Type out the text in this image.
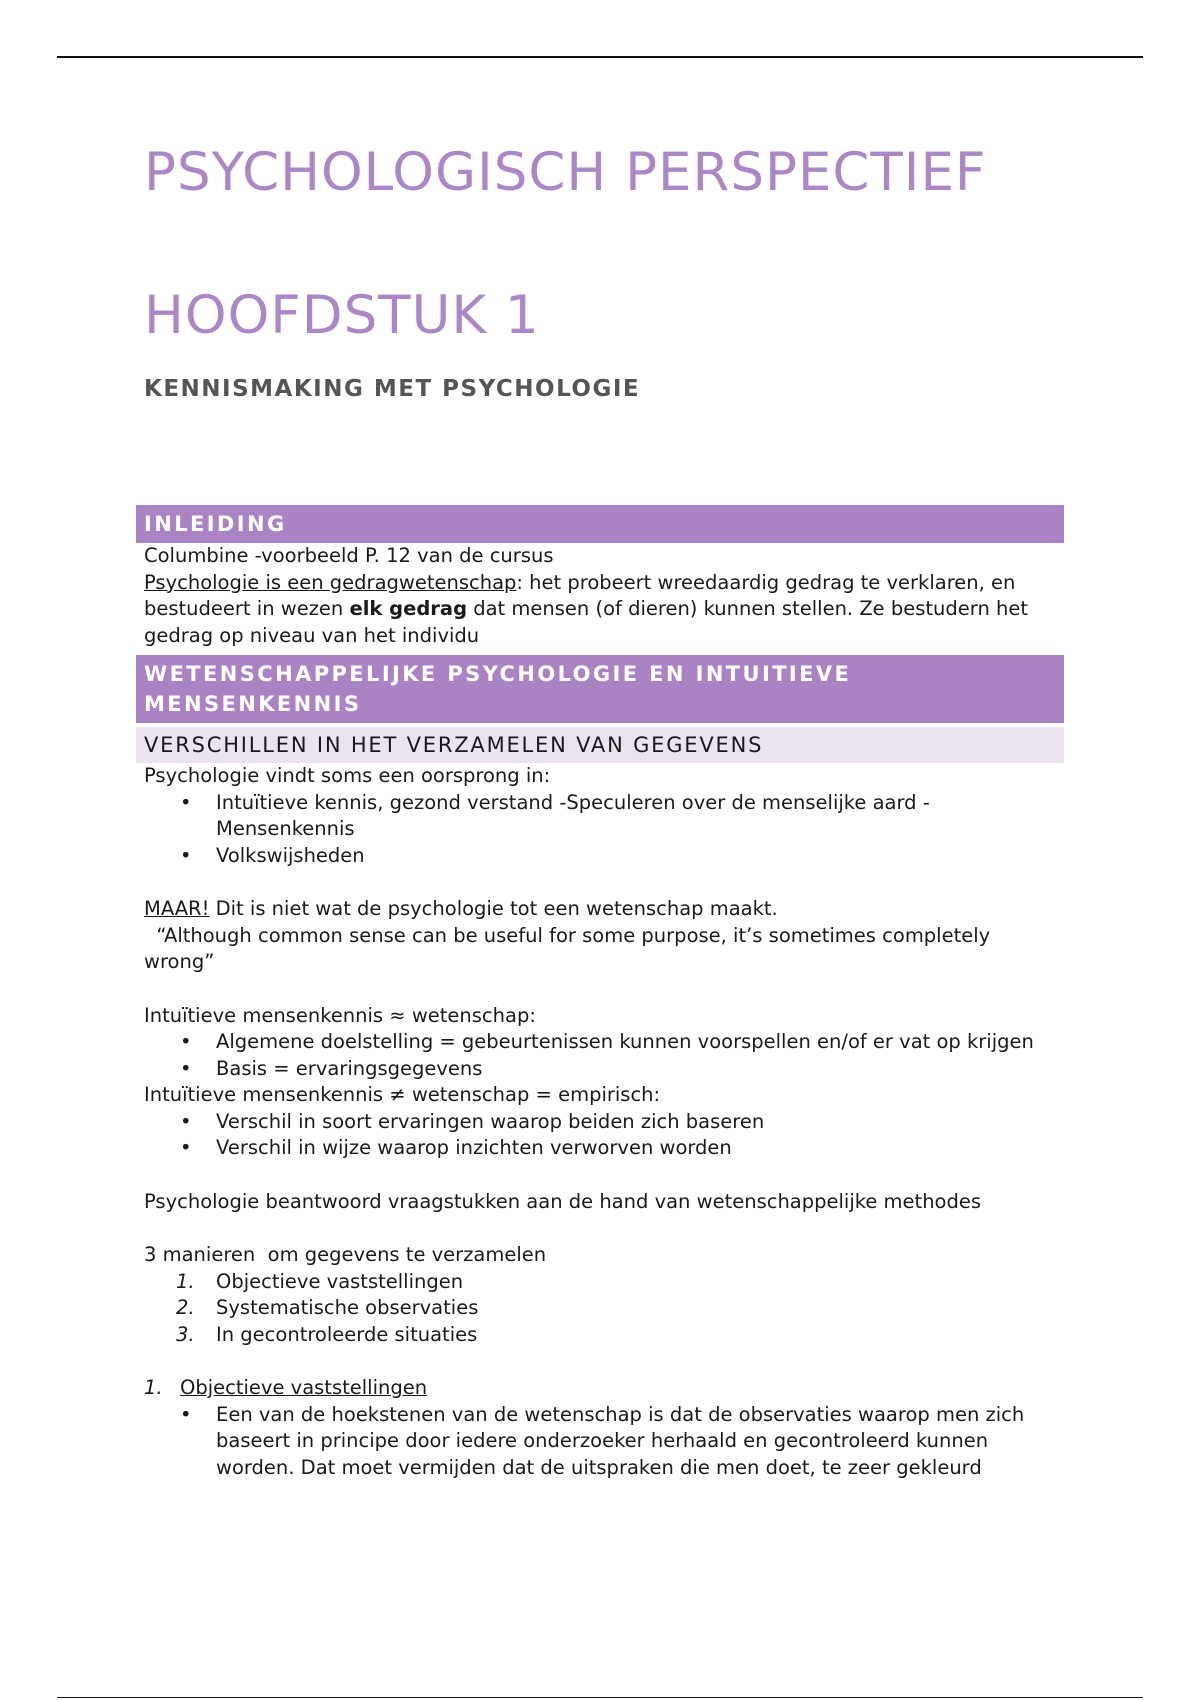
PSYCHOLOGISCH PERSPECTIEF
HOOFDSTUK 1
KENNISMAKING MET PSYCHOLOGIE
INLEIDING

Columbine -voorbeeld P. 12 van de cursus

Psychologie is een gedragwetenschap: het probeert wreedaardig gedrag te verklaren, en bestudeert in wezen elk gedrag dat mensen (of dieren) kunnen stellen. Ze bestudern het gedrag op niveau van het individu

WETENSCHAPPELIJKE PSYCHOLOGIE EN INTUITIEVE MENSENKENNIS
VERSCHILLEN IN HET VERZAMELEN VAN GEGEVENS

Psychologie vindt soms een oorsprong in:

• Intuïtieve kennis, gezond verstand -Speculeren over de menselijke aard - Mensenkennis
• Volkswijsheden

MAAR! Dit is niet wat de psychologie tot een wetenschap maakt.

“Although common sense can be useful for some purpose, it’s sometimes completely wrong”

Intuïtieve mensenkennis ≈ wetenschap:

• Algemene doelstelling = gebeurtenissen kunnen voorspellen en/of er vat op krijgen
• Basis = ervaringsgegevens

Intuïtieve mensenkennis ≠ wetenschap = empirisch:

• Verschil in soort ervaringen waarop beiden zich baseren
• Verschil in wijze waarop inzichten verworven worden

Psychologie beantwoord vraagstukken aan de hand van wetenschappelijke methodes

3 manieren  om gegevens te verzamelen

1. Objectieve vaststellingen
2. Systematische observaties
3. In gecontroleerde situaties
1. Objectieve vaststellingen
• Een van de hoekstenen van de wetenschap is dat de observaties waarop men zich baseert in principe door iedere onderzoeker herhaald en gecontroleerd kunnen worden. Dat moet vermijden dat de uitspraken die men doet, te zeer gekleurd
